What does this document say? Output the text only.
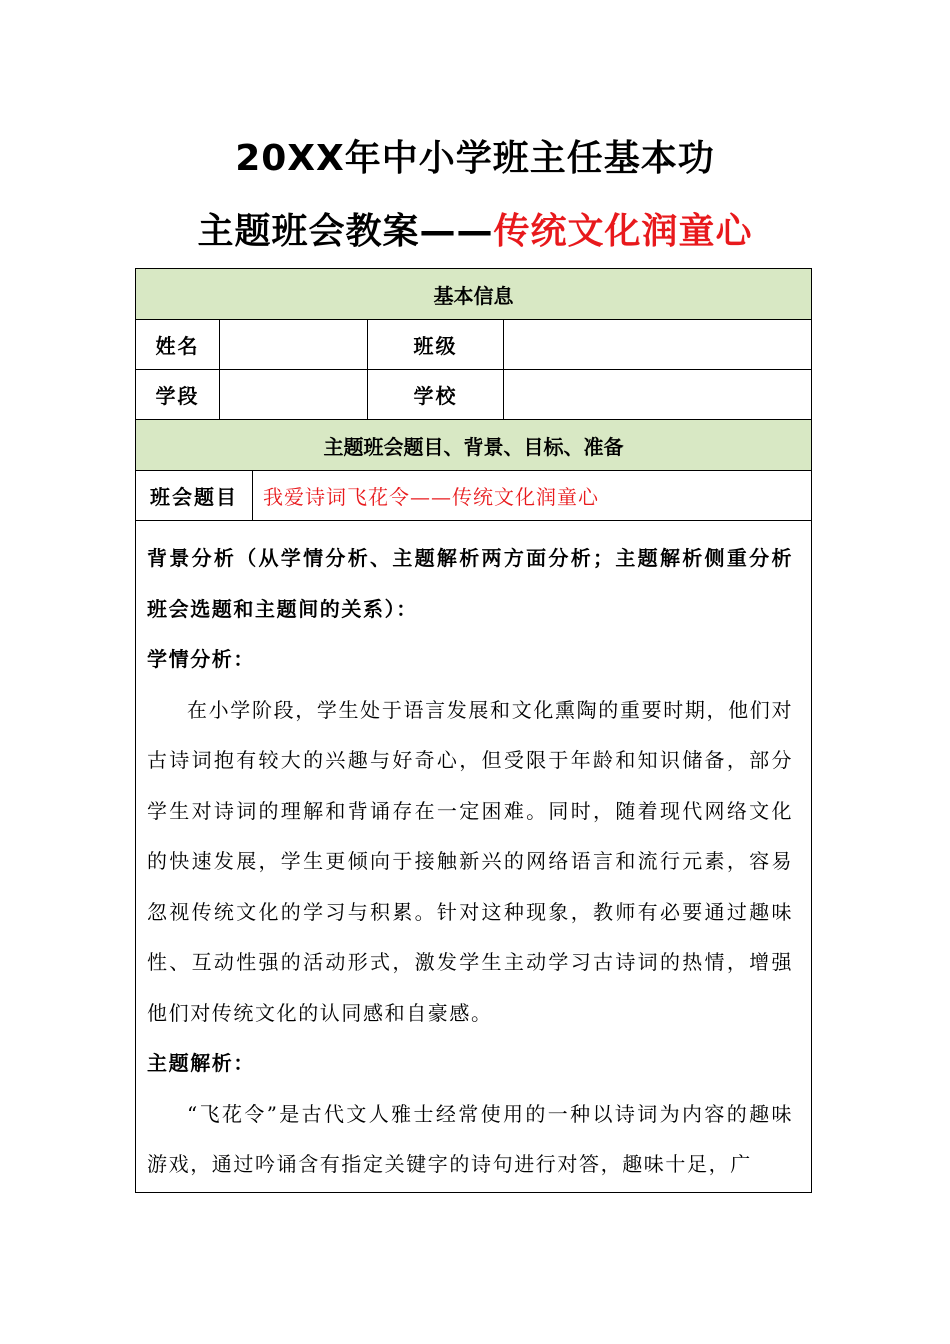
20XX年中小学班主任基本功
主题班会教案——传统文化润童心
基本信息				
姓名			班级	
学段			学校	
主题班会题目、背景、目标、准备				
班会题目		我爱诗词飞花令——传统文化润童心		

背景分析（从学情分析、主题解析两方面分析；主题解析侧重分析班会选题和主题间的关系）：

学情分析：

在小学阶段，学生处于语言发展和文化熏陶的重要时期，他们对古诗词抱有较大的兴趣与好奇心，但受限于年龄和知识储备，部分学生对诗词的理解和背诵存在一定困难。同时，随着现代网络文化的快速发展，学生更倾向于接触新兴的网络语言和流行元素，容易忽视传统文化的学习与积累。针对这种现象，教师有必要通过趣味性、互动性强的活动形式，激发学生主动学习古诗词的热情，增强他们对传统文化的认同感和自豪感。

主题解析：

“飞花令”是古代文人雅士经常使用的一种以诗词为内容的趣味游戏，通过吟诵含有指定关键字的诗句进行对答，趣味十足，广				
